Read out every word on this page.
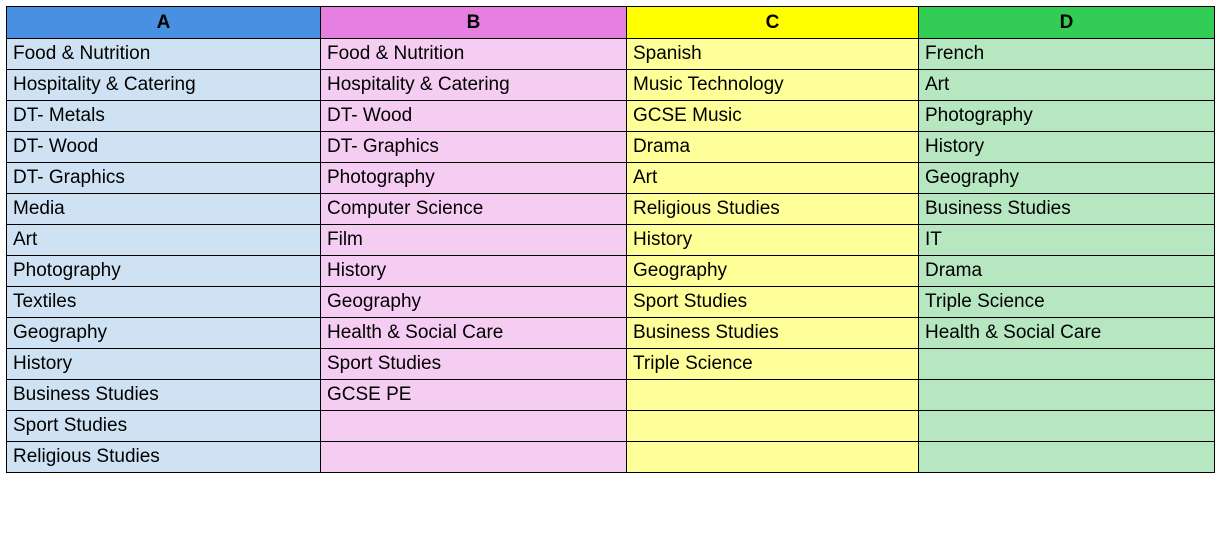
A	B	C	D
Food & Nutrition	Food & Nutrition	Spanish	French
Hospitality & Catering	Hospitality & Catering	Music Technology	Art
DT- Metals	DT- Wood	GCSE Music	Photography
DT- Wood	DT- Graphics	Drama	History
DT- Graphics	Photography	Art	Geography
Media	Computer Science	Religious Studies	Business Studies
Art	Film	History	IT
Photography	History	Geography	Drama
Textiles	Geography	Sport Studies	Triple Science
Geography	Health & Social Care	Business Studies	Health & Social Care
History	Sport Studies	Triple Science	
Business Studies	GCSE PE		
Sport Studies			
Religious Studies			
